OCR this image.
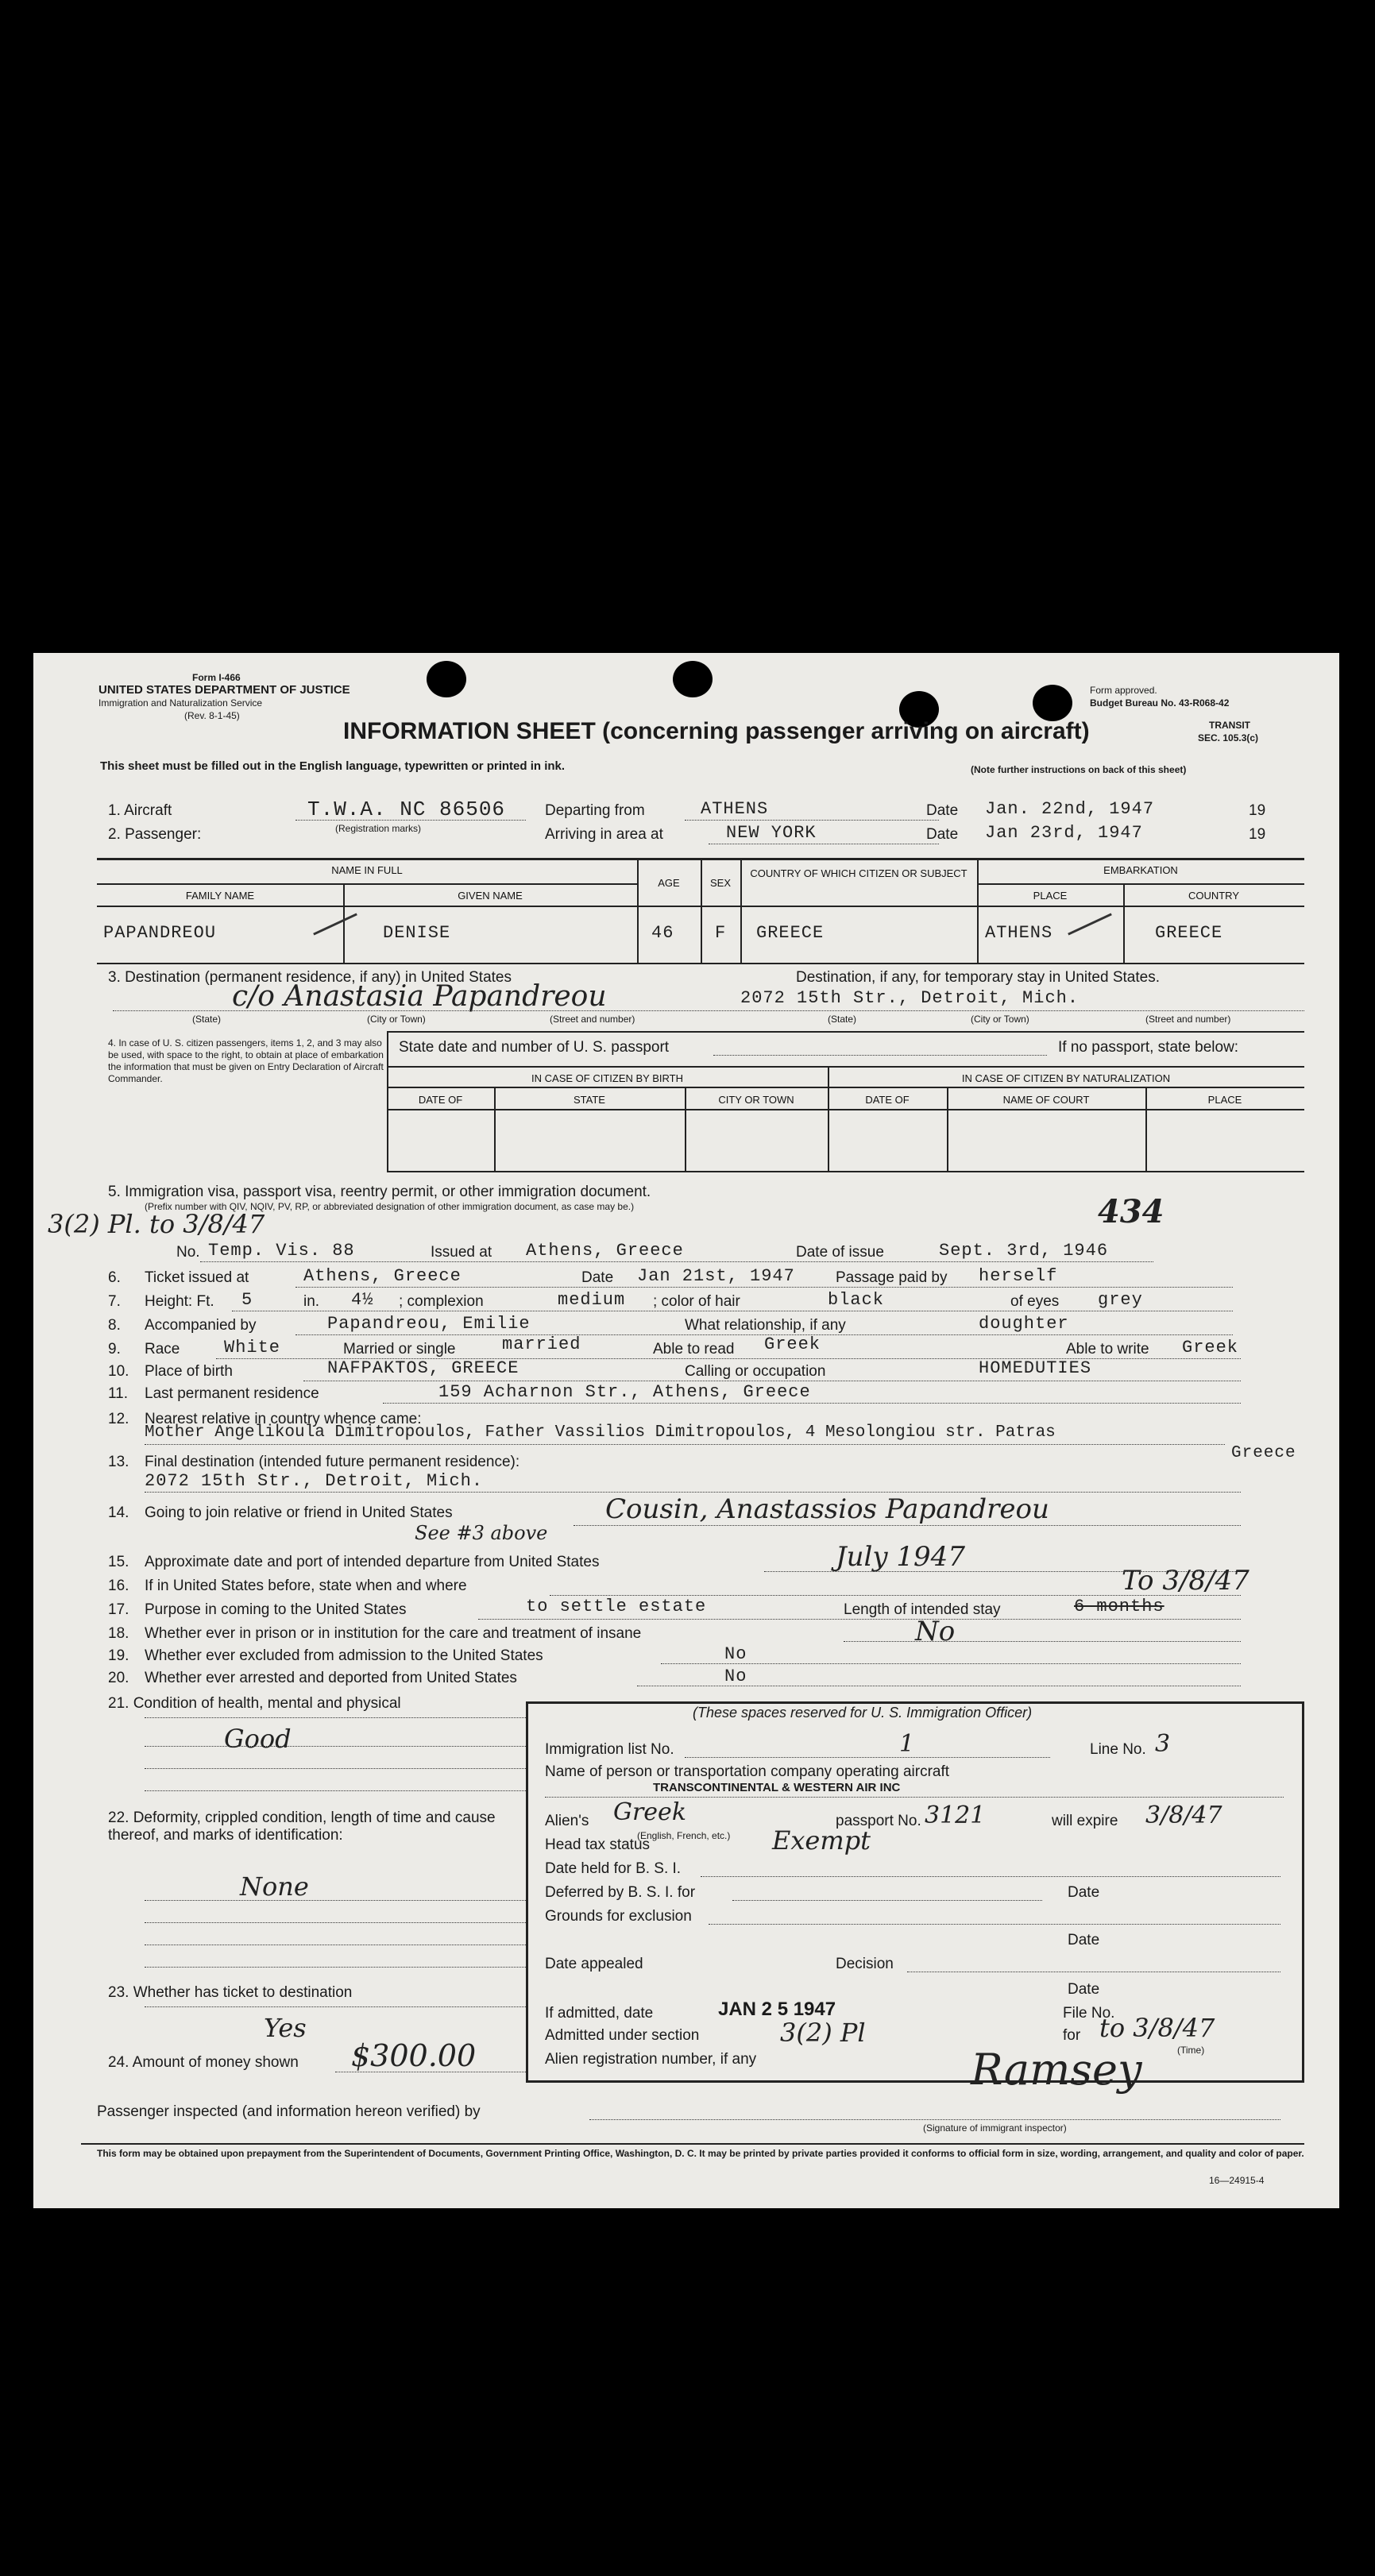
Form I-466
UNITED STATES DEPARTMENT OF JUSTICE
Immigration and Naturalization Service
(Rev. 8-1-45)
Form approved.
Budget Bureau No. 43-R068-42
TRANSIT
SEC. 105.3(c)
INFORMATION SHEET (concerning passenger arriving on aircraft)
This sheet must be filled out in the English language, typewritten or printed in ink.	(Note further instructions on back of this sheet)
1. Aircraft	T.W.A. NC 86506
(Registration marks)
Departing from	ATHENS	Date Jan. 22nd, 1947	19
2. Passenger:	Arriving in area at	NEW YORK	Date Jan 23rd, 1947	19
NAME IN FULL
FAMILY NAME	GIVEN NAME
AGE	SEX
COUNTRY OF WHICH CITIZEN OR SUBJECT	EMBARKATION
PLACE	COUNTRY
PAPANDREOU	DENISE	46 F GREECE	ATHENS	GREECE
3. Destination (permanent residence, if any) in United States	Destination, if any, for temporary stay in United States.
c/o Anastasia Papandreou	2072 15th Str., Detroit, Mich.
(State)	(City or Town)	(Street and number)	(State)	(City or Town)	(Street and number)
4. In case of U. S. citizen passengers, items 1, 2, and 3 may also be used, with space to the right, to obtain at place of embarkation the information that must be given on Entry Declaration of Aircraft Commander.
State date and number of U. S. passport	If no passport, state below:
IN CASE OF CITIZEN BY BIRTH	IN CASE OF CITIZEN BY NATURALIZATION
DATE OF	STATE	CITY OR TOWN	DATE OF	NAME OF COURT	PLACE
5. Immigration visa, passport visa, reentry permit, or other immigration document.
(Prefix number with QIV, NQIV, PV, RP, or abbreviated designation of other immigration document, as case may be.)
3(2) Pl. to 3/8/47	434
No. Temp. Vis. 88	Issued at Athens, Greece	Date of issue	Sept. 3rd, 1946
6. Ticket issued at	Athens, Greece	Date Jan 21st, 1947	Passage paid by herself
7. Height: Ft. 5	in. 4½ ; complexion	medium ; color of hair	black	of eyes grey
8. Accompanied by	Papandreou, Emilie	What relationship, if any	doughter
9. Race	White	Married or single	married	Able to read Greek	Able to write Greek
10. Place of birth	NAFPAKTOS, GREECE	Calling or occupation	HOMEDUTIES
11. Last permanent residence	159 Acharnon Str., Athens, Greece
12. Nearest relative in country whence came:
Mother Angelikoula Dimitropoulos, Father Vassilios Dimitropoulos, 4 Mesolongiou str. Patras
Greece
13. Final destination (intended future permanent residence):
2072 15th Str., Detroit, Mich.
14. Going to join relative or friend in United States	Cousin, Anastassios Papandreou
See #3 above
15. Approximate date and port of intended departure from United States	July 1947
16. If in United States before, state when and where	To 3/8/47
17. Purpose in coming to the United States	to settle estate	Length of intended stay	6 months
18. Whether ever in prison or in institution for the care and treatment of insane	No
19. Whether ever excluded from admission to the United States	No
20. Whether ever arrested and deported from United States	No
21. Condition of health, mental and physical
Good
22. Deformity, crippled condition, length of time and cause thereof, and marks of identification:
None
23. Whether has ticket to destination
Yes
24. Amount of money shown $300.00
(These spaces reserved for U. S. Immigration Officer)
Immigration list No.	1	Line No. 3
Name of person or transportation company operating aircraft
TRANSCONTINENTAL & WESTERN AIR INC
Alien's Greek
(English, French, etc.)
passport No. 3121	will expire 3/8/47
Head tax status	Exempt
Date held for B. S. I.
Deferred by B. S. I. for	Date
Grounds for exclusion
Date
Date appealed	Decision
Date
If admitted, date	JAN 2 5 1947	File No.
Admitted under section	3(2) Pl	for to 3/8/47
(Time)
Alien registration number, if any	Ramsey
Passenger inspected (and information hereon verified) by
(Signature of immigrant inspector)
This form may be obtained upon prepayment from the Superintendent of Documents, Government Printing Office, Washington, D. C. It may be printed by private parties provided it conforms to official form in size, wording, arrangement, and quality and color of paper.
16—24915-4
